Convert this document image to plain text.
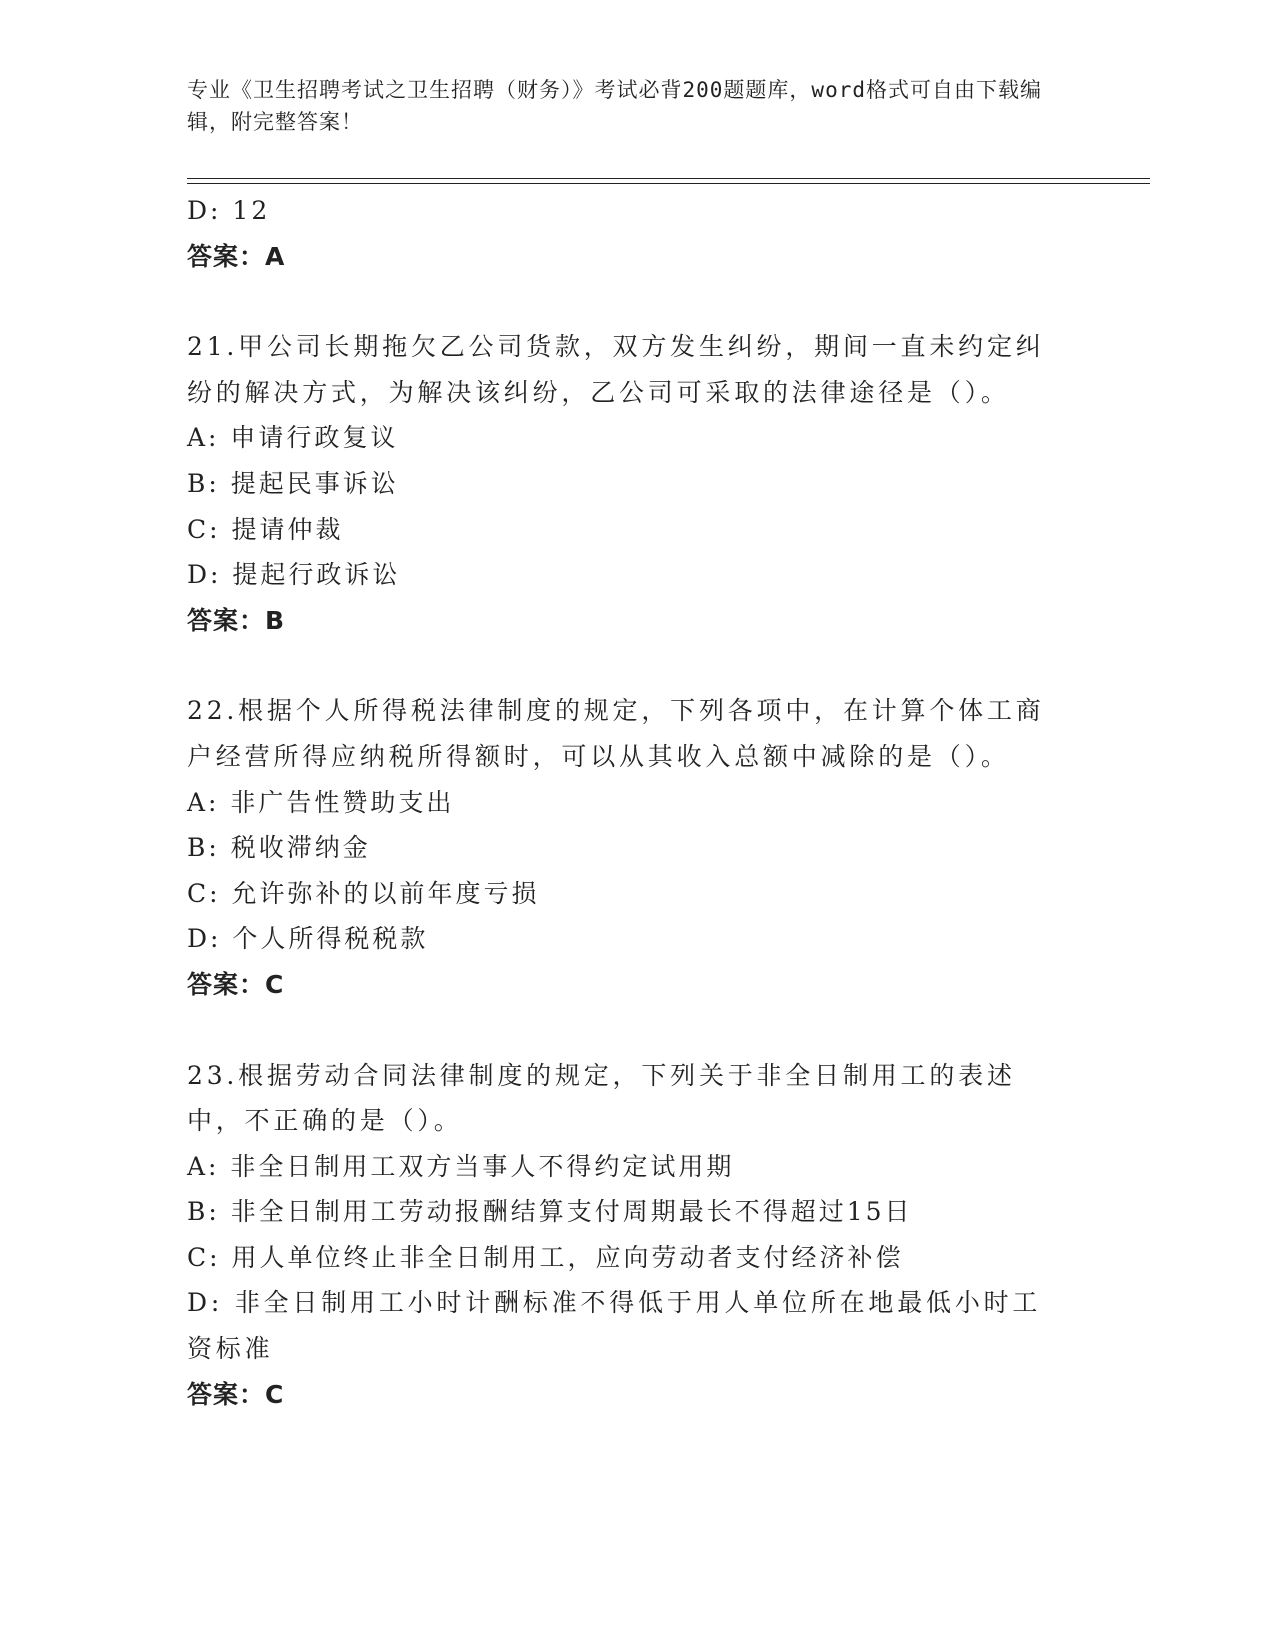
专业《卫生招聘考试之卫生招聘（财务）》考试必背200题题库，word格式可自由下载编辑，附完整答案！
D: 12
答案：A
21.甲公司长期拖欠乙公司货款，双方发生纠纷，期间一直未约定纠纷的解决方式，为解决该纠纷，乙公司可采取的法律途径是（）。
A: 申请行政复议
B: 提起民事诉讼
C: 提请仲裁
D: 提起行政诉讼
答案：B
22.根据个人所得税法律制度的规定，下列各项中，在计算个体工商户经营所得应纳税所得额时，可以从其收入总额中减除的是（）。
A: 非广告性赞助支出
B: 税收滞纳金
C: 允许弥补的以前年度亏损
D: 个人所得税税款
答案：C
23.根据劳动合同法律制度的规定，下列关于非全日制用工的表述中，不正确的是（）。
A: 非全日制用工双方当事人不得约定试用期
B: 非全日制用工劳动报酬结算支付周期最长不得超过15日
C: 用人单位终止非全日制用工，应向劳动者支付经济补偿
D: 非全日制用工小时计酬标准不得低于用人单位所在地最低小时工资标准
答案：C
